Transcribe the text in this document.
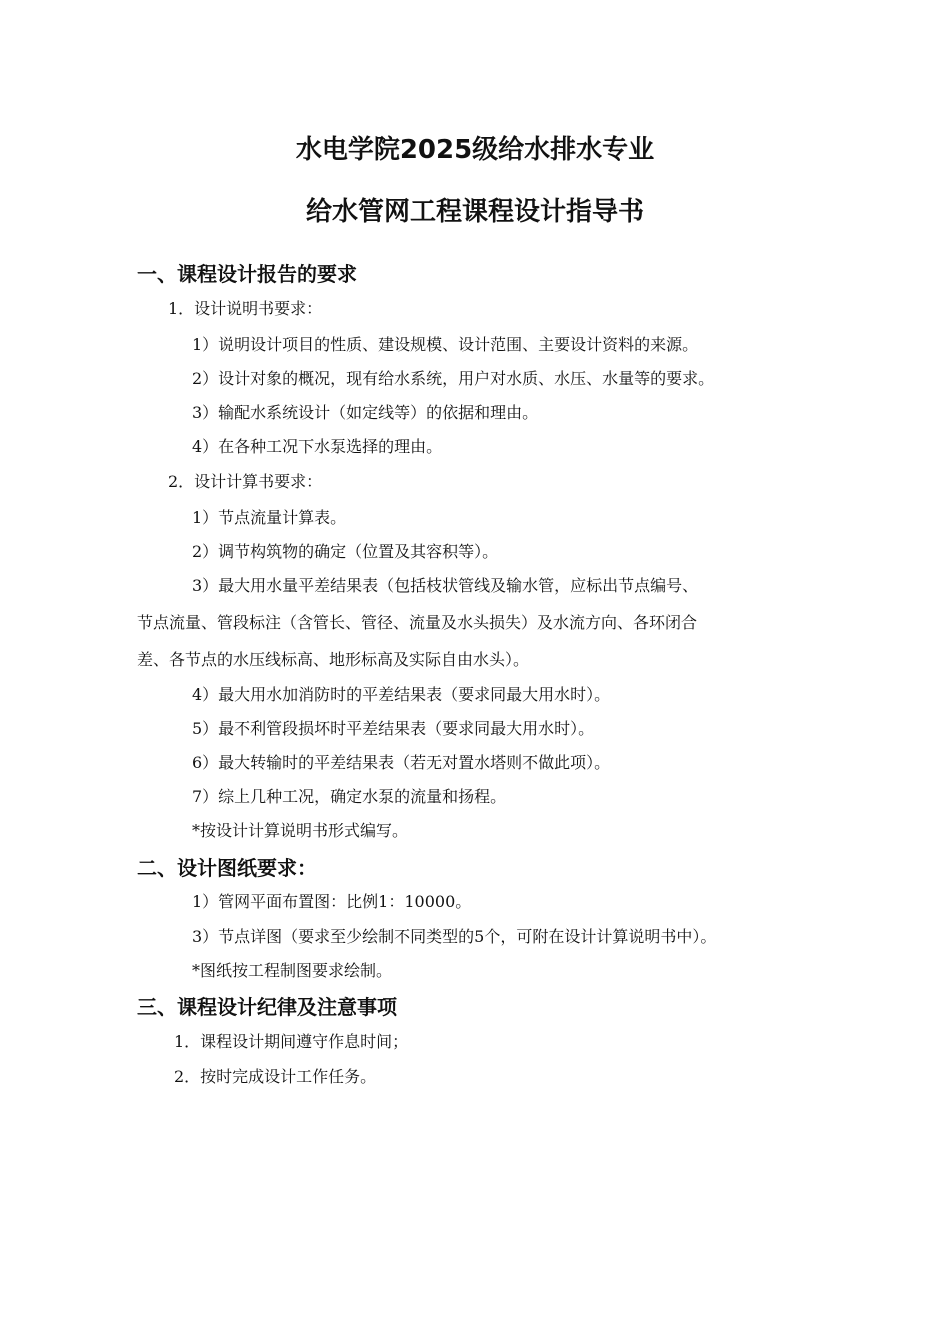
水电学院2025级给水排水专业
给水管网工程课程设计指导书
一、课程设计报告的要求
1．设计说明书要求：
1）说明设计项目的性质、建设规模、设计范围、主要设计资料的来源。
2）设计对象的概况，现有给水系统，用户对水质、水压、水量等的要求。
3）输配水系统设计（如定线等）的依据和理由。
4）在各种工况下水泵选择的理由。
2．设计计算书要求：
1）节点流量计算表。
2）调节构筑物的确定（位置及其容积等）。
3）最大用水量平差结果表（包括枝状管线及输水管，应标出节点编号、
节点流量、管段标注（含管长、管径、流量及水头损失）及水流方向、各环闭合
差、各节点的水压线标高、地形标高及实际自由水头）。
4）最大用水加消防时的平差结果表（要求同最大用水时）。
5）最不利管段损坏时平差结果表（要求同最大用水时）。
6）最大转输时的平差结果表（若无对置水塔则不做此项）。
7）综上几种工况，确定水泵的流量和扬程。
*按设计计算说明书形式编写。
二、设计图纸要求：
1）管网平面布置图：比例1：10000。
3）节点详图（要求至少绘制不同类型的5个，可附在设计计算说明书中）。
*图纸按工程制图要求绘制。
三、课程设计纪律及注意事项
1．课程设计期间遵守作息时间；
2．按时完成设计工作任务。
